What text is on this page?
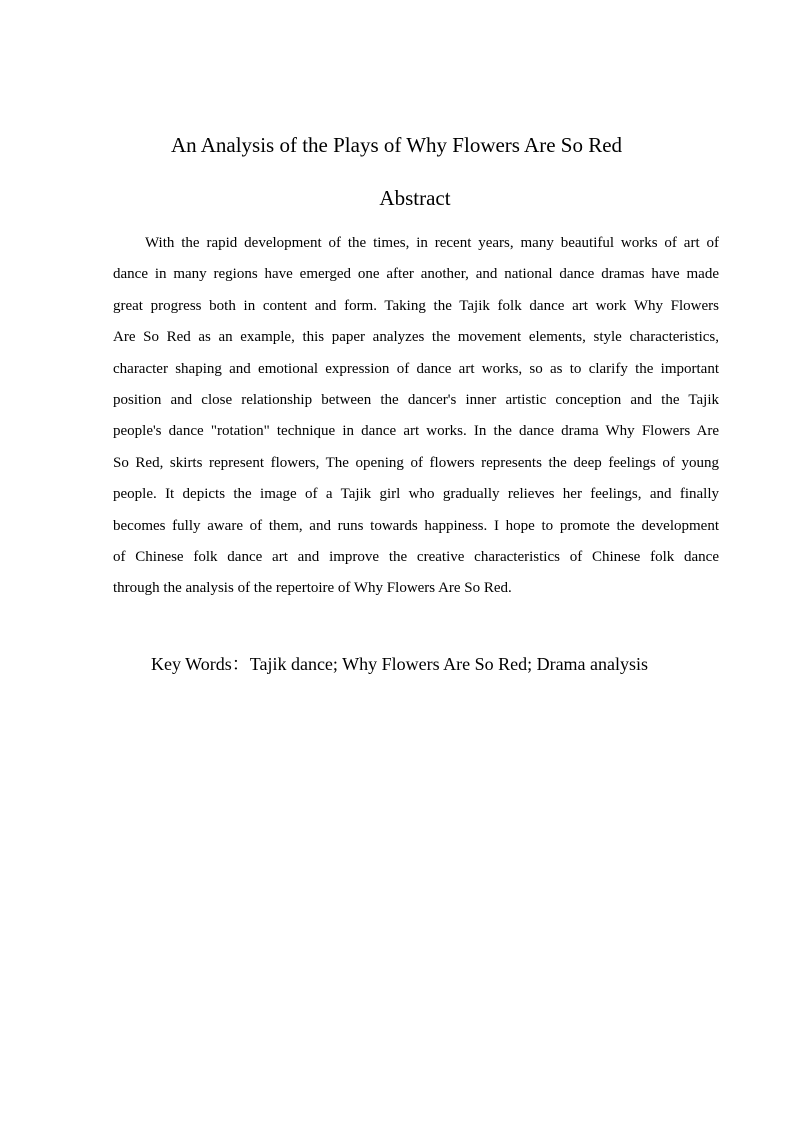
An Analysis of the Plays of Why Flowers Are So Red
Abstract
With the rapid development of the times, in recent years, many beautiful works of art of
dance in many regions have emerged one after another, and national dance dramas have made
great progress both in content and form. Taking the Tajik folk dance art work Why Flowers
Are So Red as an example, this paper analyzes the movement elements, style characteristics,
character shaping and emotional expression of dance art works, so as to clarify the important
position and close relationship between the dancer's inner artistic conception and the Tajik
people's dance "rotation" technique in dance art works. In the dance drama Why Flowers Are
So Red, skirts represent flowers, The opening of flowers represents the deep feelings of young
people. It depicts the image of a Tajik girl who gradually relieves her feelings, and finally
becomes fully aware of them, and runs towards happiness. I hope to promote the development
of Chinese folk dance art and improve the creative characteristics of Chinese folk dance
through the analysis of the repertoire of Why Flowers Are So Red.

Key Words：Tajik dance; Why Flowers Are So Red; Drama analysis
